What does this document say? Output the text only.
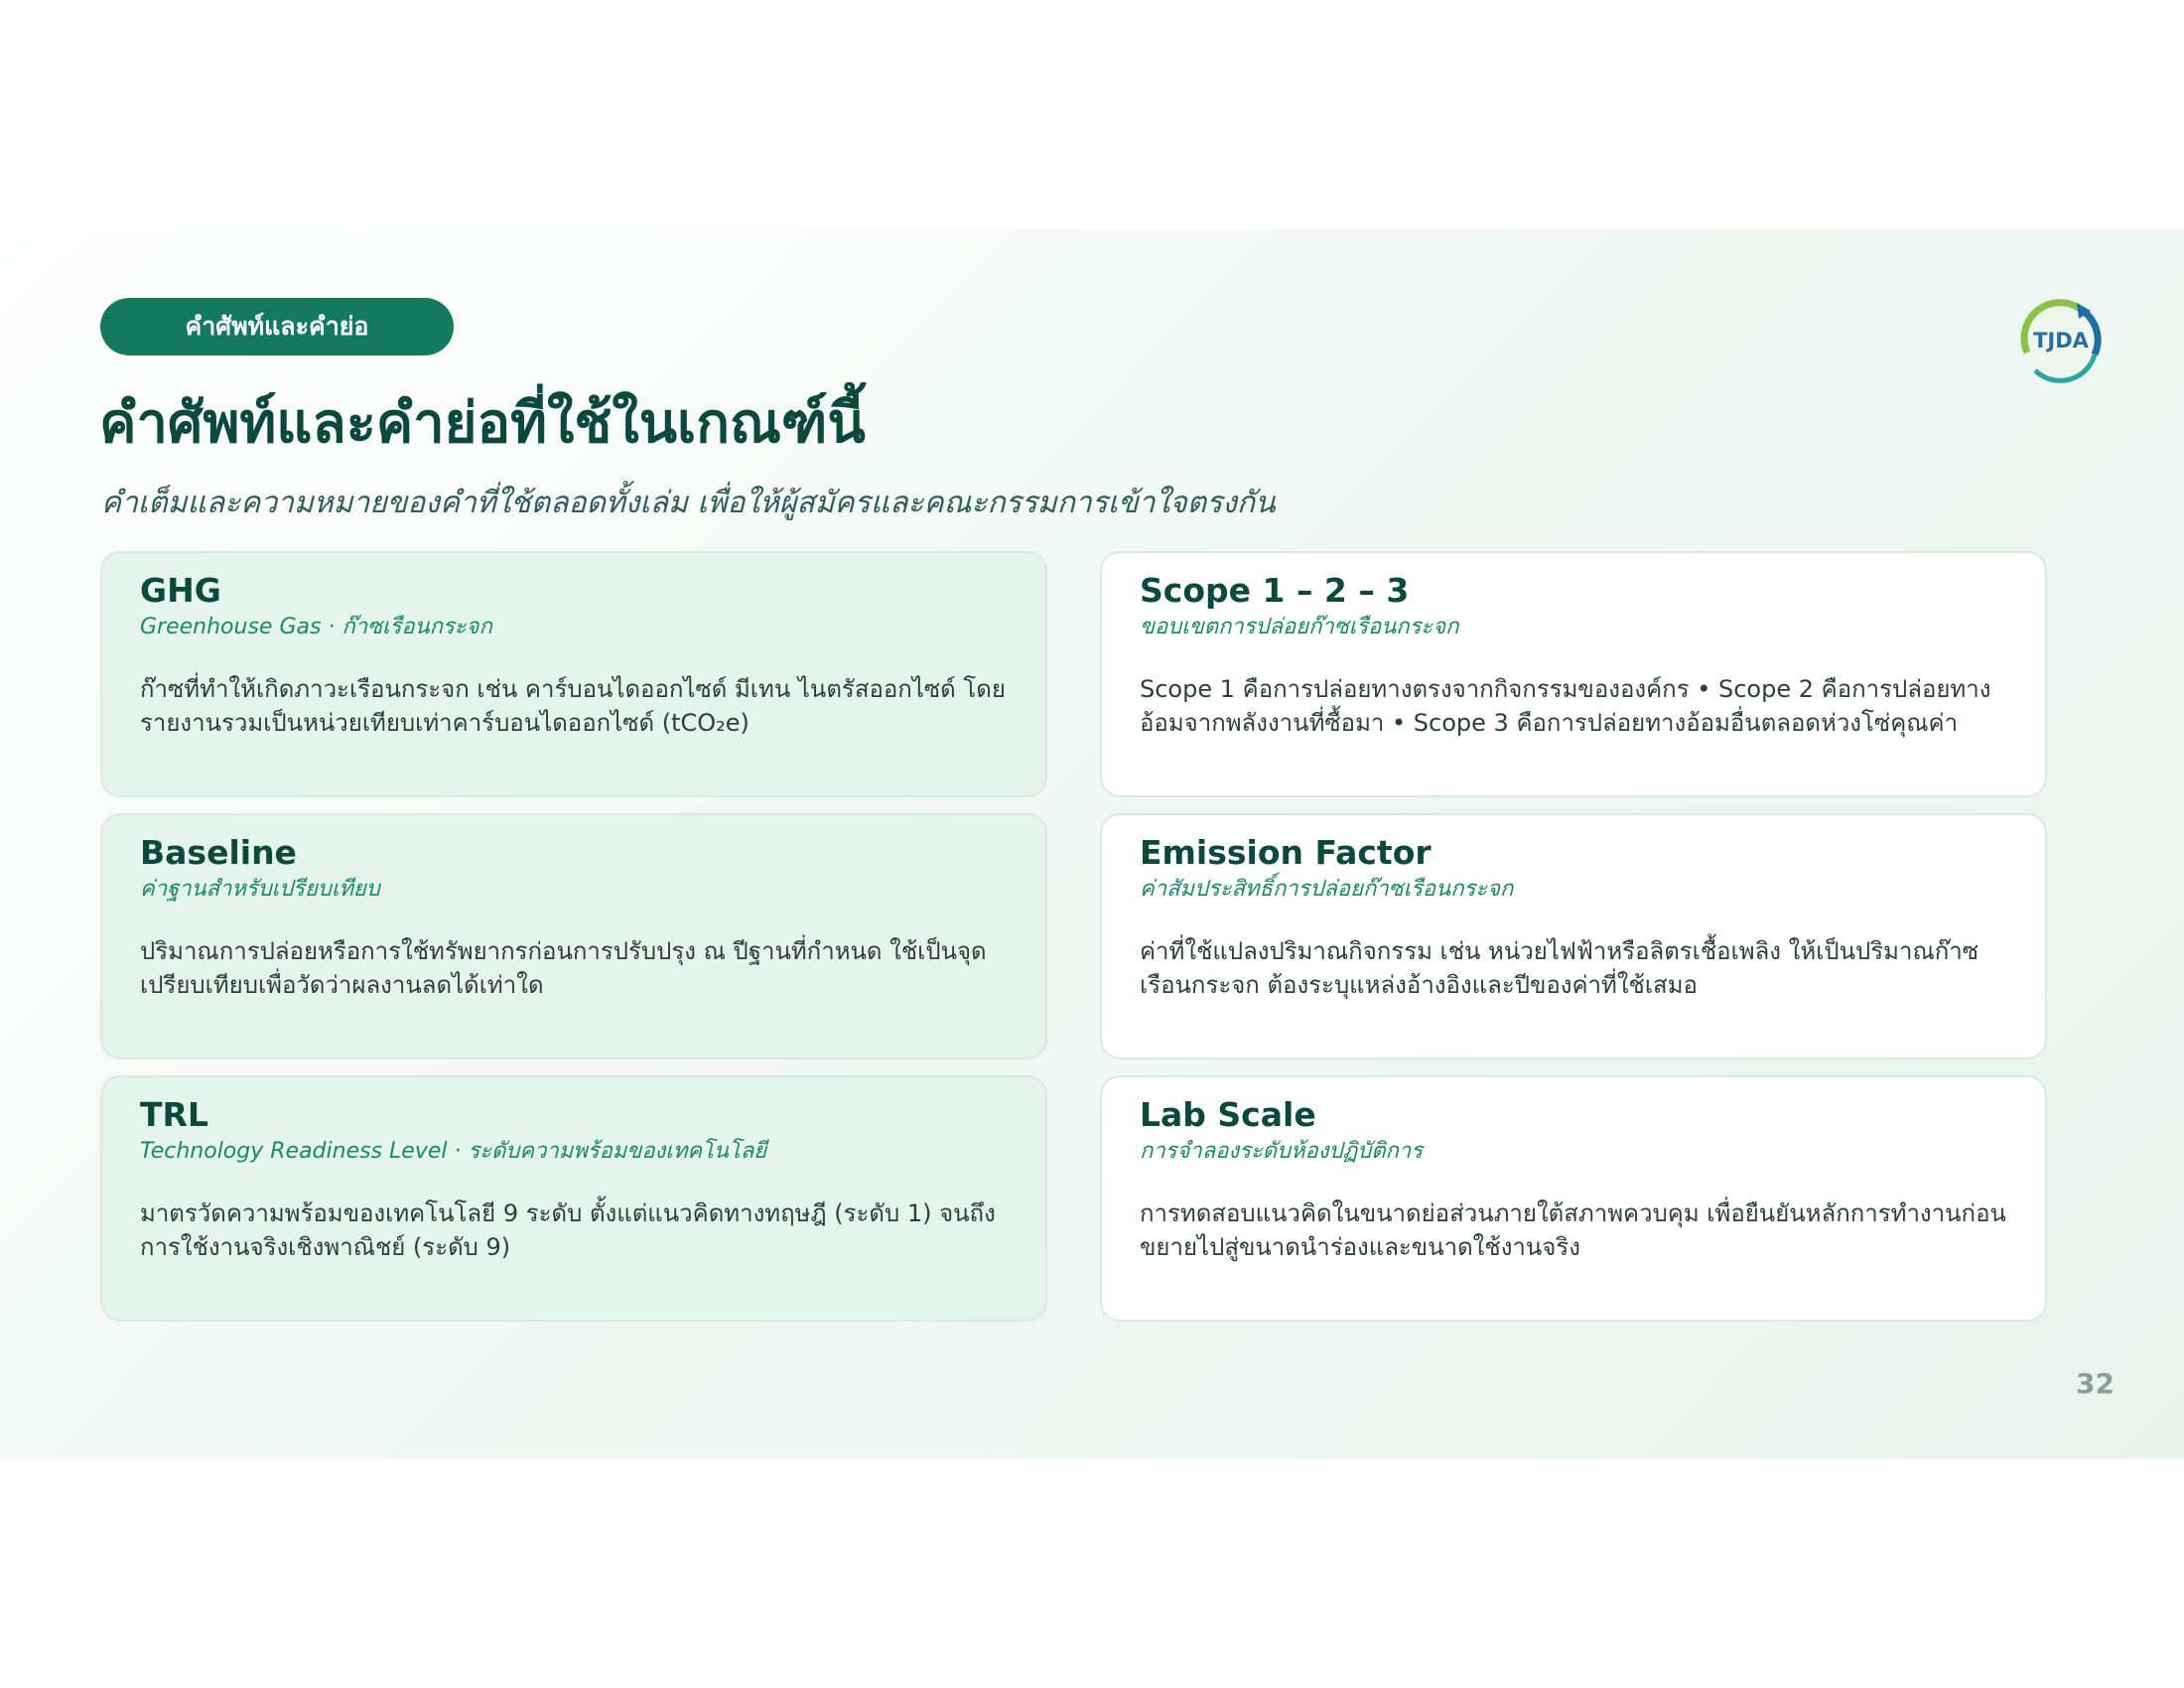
คำศัพท์และคำย่อ
คำศัพท์และคำย่อที่ใช้ในเกณฑ์นี้

คำเต็มและความหมายของคำที่ใช้ตลอดทั้งเล่ม เพื่อให้ผู้สมัครและคณะกรรมการเข้าใจตรงกัน

TJDA
GHG
Greenhouse Gas · ก๊าซเรือนกระจก
ก๊าซที่ทำให้เกิดภาวะเรือนกระจก เช่น คาร์บอนไดออกไซด์ มีเทน ไนตรัสออกไซด์ โดยรายงานรวมเป็นหน่วยเทียบเท่าคาร์บอนไดออกไซด์ (tCO₂e)
Scope 1 – 2 – 3
ขอบเขตการปล่อยก๊าซเรือนกระจก
Scope 1 คือการปล่อยทางตรงจากกิจกรรมขององค์กร • Scope 2 คือการปล่อยทางอ้อมจากพลังงานที่ซื้อมา • Scope 3 คือการปล่อยทางอ้อมอื่นตลอดห่วงโซ่คุณค่า
Baseline
ค่าฐานสำหรับเปรียบเทียบ
ปริมาณการปล่อยหรือการใช้ทรัพยากรก่อนการปรับปรุง ณ ปีฐานที่กำหนด ใช้เป็นจุดเปรียบเทียบเพื่อวัดว่าผลงานลดได้เท่าใด
Emission Factor
ค่าสัมประสิทธิ์การปล่อยก๊าซเรือนกระจก
ค่าที่ใช้แปลงปริมาณกิจกรรม เช่น หน่วยไฟฟ้าหรือลิตรเชื้อเพลิง ให้เป็นปริมาณก๊าซเรือนกระจก ต้องระบุแหล่งอ้างอิงและปีของค่าที่ใช้เสมอ
TRL
Technology Readiness Level · ระดับความพร้อมของเทคโนโลยี
มาตรวัดความพร้อมของเทคโนโลยี 9 ระดับ ตั้งแต่แนวคิดทางทฤษฎี (ระดับ 1) จนถึงการใช้งานจริงเชิงพาณิชย์ (ระดับ 9)
Lab Scale
การจำลองระดับห้องปฏิบัติการ
การทดสอบแนวคิดในขนาดย่อส่วนภายใต้สภาพควบคุม เพื่อยืนยันหลักการทำงานก่อนขยายไปสู่ขนาดนำร่องและขนาดใช้งานจริง
32
